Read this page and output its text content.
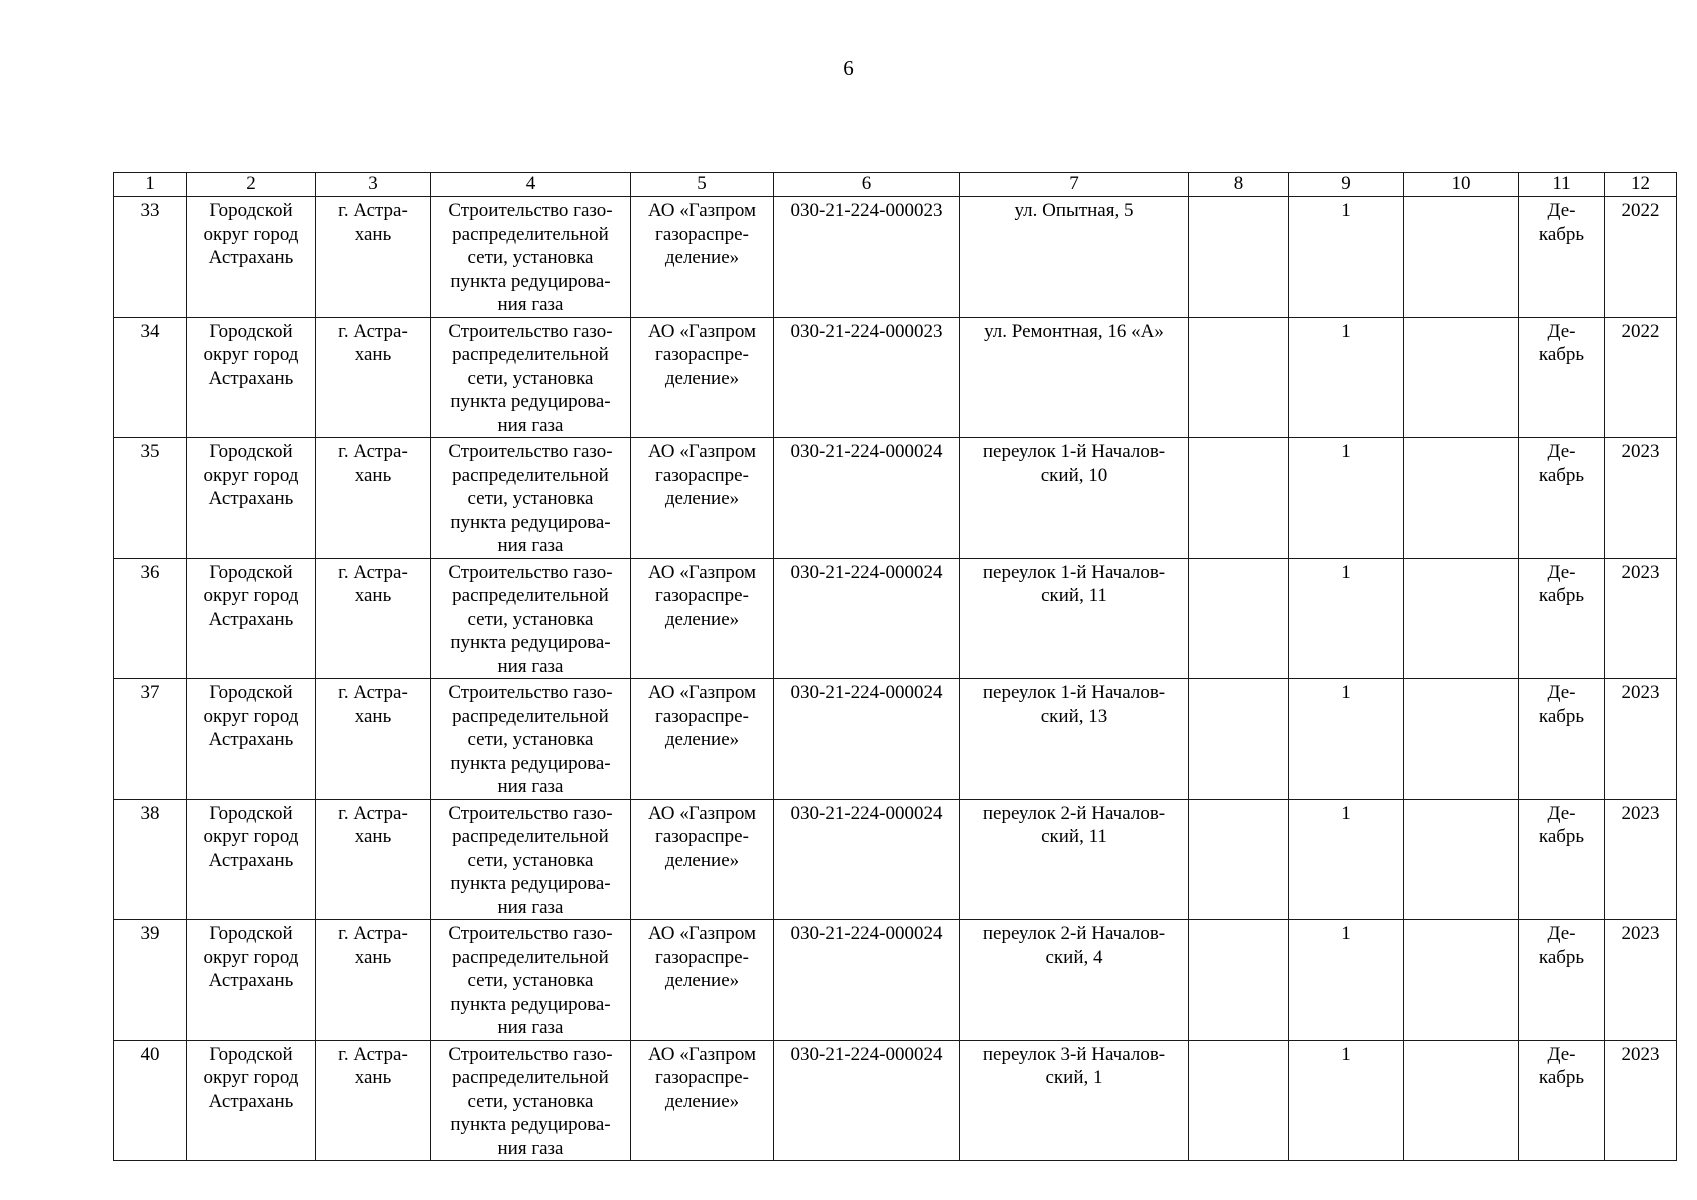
6
1	2	3	4	5	6	7	8	9	10	11	12

33	Городской
округ город
Астрахань	г. Астра-
хань	Строительство газо-
распределительной
сети, установка
пункта редуцирова-
ния газа	АО «Газпром
газораспре-
деление»	030-21-224-000023	ул. Опытная, 5		1		Де-
кабрь	2022

34	Городской
округ город
Астрахань	г. Астра-
хань	Строительство газо-
распределительной
сети, установка
пункта редуцирова-
ния газа	АО «Газпром
газораспре-
деление»	030-21-224-000023	ул. Ремонтная, 16 «А»		1		Де-
кабрь	2022

35	Городской
округ город
Астрахань	г. Астра-
хань	Строительство газо-
распределительной
сети, установка
пункта редуцирова-
ния газа	АО «Газпром
газораспре-
деление»	030-21-224-000024	переулок 1-й Началов-
ский, 10		1		Де-
кабрь	2023

36	Городской
округ город
Астрахань	г. Астра-
хань	Строительство газо-
распределительной
сети, установка
пункта редуцирова-
ния газа	АО «Газпром
газораспре-
деление»	030-21-224-000024	переулок 1-й Началов-
ский, 11		1		Де-
кабрь	2023

37	Городской
округ город
Астрахань	г. Астра-
хань	Строительство газо-
распределительной
сети, установка
пункта редуцирова-
ния газа	АО «Газпром
газораспре-
деление»	030-21-224-000024	переулок 1-й Началов-
ский, 13		1		Де-
кабрь	2023

38	Городской
округ город
Астрахань	г. Астра-
хань	Строительство газо-
распределительной
сети, установка
пункта редуцирова-
ния газа	АО «Газпром
газораспре-
деление»	030-21-224-000024	переулок 2-й Началов-
ский, 11		1		Де-
кабрь	2023

39	Городской
округ город
Астрахань	г. Астра-
хань	Строительство газо-
распределительной
сети, установка
пункта редуцирова-
ния газа	АО «Газпром
газораспре-
деление»	030-21-224-000024	переулок 2-й Началов-
ский, 4		1		Де-
кабрь	2023

40	Городской
округ город
Астрахань	г. Астра-
хань	Строительство газо-
распределительной
сети, установка
пункта редуцирова-
ния газа	АО «Газпром
газораспре-
деление»	030-21-224-000024	переулок 3-й Началов-
ский, 1		1		Де-
кабрь	2023
